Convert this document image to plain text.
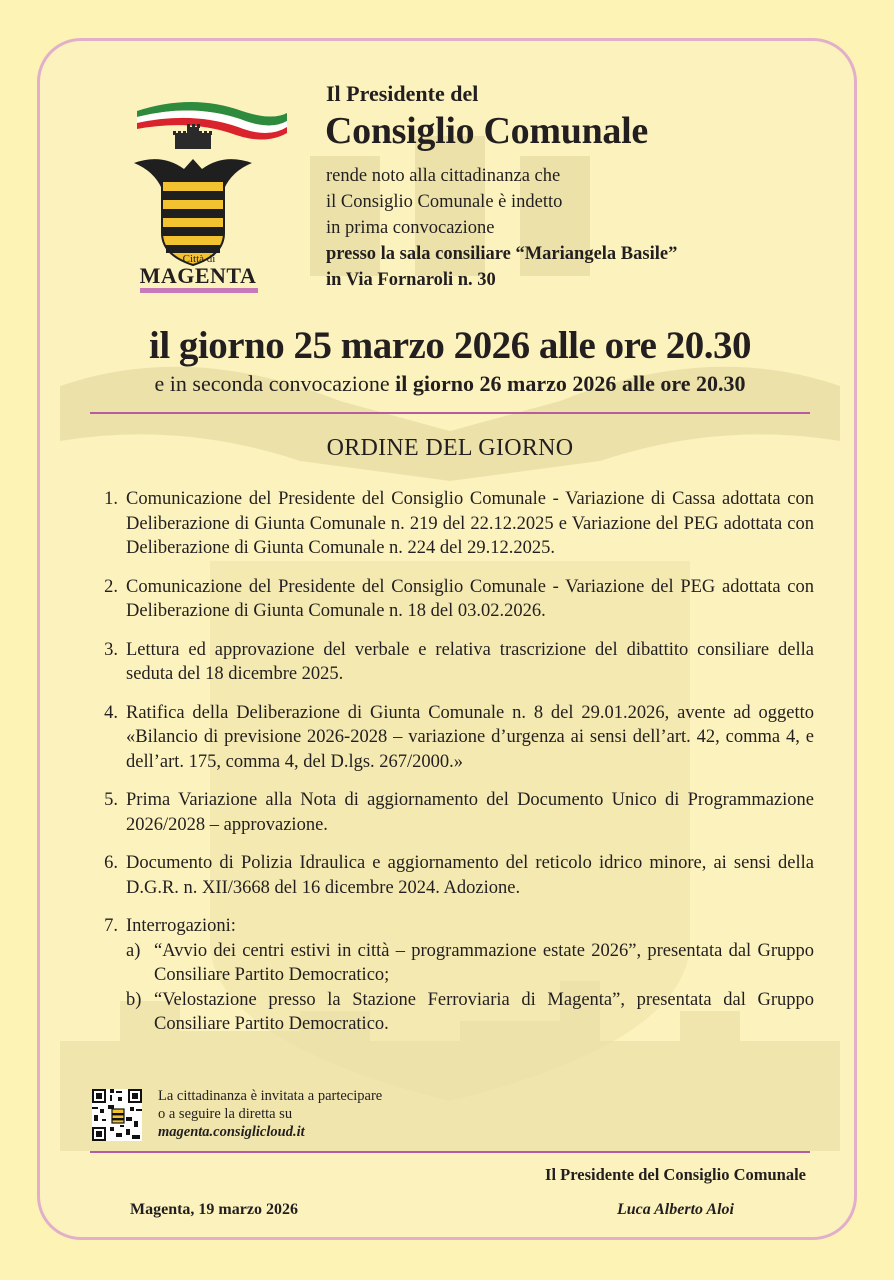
Città di
MAGENTA
Il Presidente del
Consiglio Comunale
rende noto alla cittadinanza che
il Consiglio Comunale è indetto
in prima convocazione
presso la sala consiliare “Mariangela Basile”
in Via Fornaroli n. 30
il giorno 25 marzo 2026 alle ore 20.30
e in seconda convocazione il giorno 26 marzo 2026 alle ore 20.30
ORDINE DEL GIORNO
1. Comunicazione del Presidente del Consiglio Comunale - Variazione di Cassa adottata con Deliberazione di Giunta Comunale n. 219 del 22.12.2025 e Variazione del PEG adottata con Deliberazione di Giunta Comunale n. 224 del 29.12.2025.
2. Comunicazione del Presidente del Consiglio Comunale - Variazione del PEG adottata con Deliberazione di Giunta Comunale n. 18 del 03.02.2026.
3. Lettura ed approvazione del verbale e relativa trascrizione del dibattito consiliare della seduta del 18 dicembre 2025.
4. Ratifica della Deliberazione di Giunta Comunale n. 8 del 29.01.2026, avente ad oggetto «Bilancio di previsione 2026-2028 – variazione d’urgenza ai sensi dell’art. 42, comma 4, e dell’art. 175, comma 4, del D.lgs. 267/2000.»
5. Prima Variazione alla Nota di aggiornamento del Documento Unico di Programmazione 2026/2028 – approvazione.
6. Documento di Polizia Idraulica e aggiornamento del reticolo idrico minore, ai sensi della D.G.R. n. XII/3668 del 16 dicembre 2024. Adozione.
7. Interrogazioni:
a) “Avvio dei centri estivi in città – programmazione estate 2026”, presentata dal Gruppo Consiliare Partito Democratico;
b) “Velostazione presso la Stazione Ferroviaria di Magenta”, presentata dal Gruppo Consiliare Partito Democratico.
La cittadinanza è invitata a partecipare
o a seguire la diretta su
magenta.consiglicloud.it
Il Presidente del Consiglio Comunale
Magenta, 19 marzo 2026	Luca Alberto Aloi
